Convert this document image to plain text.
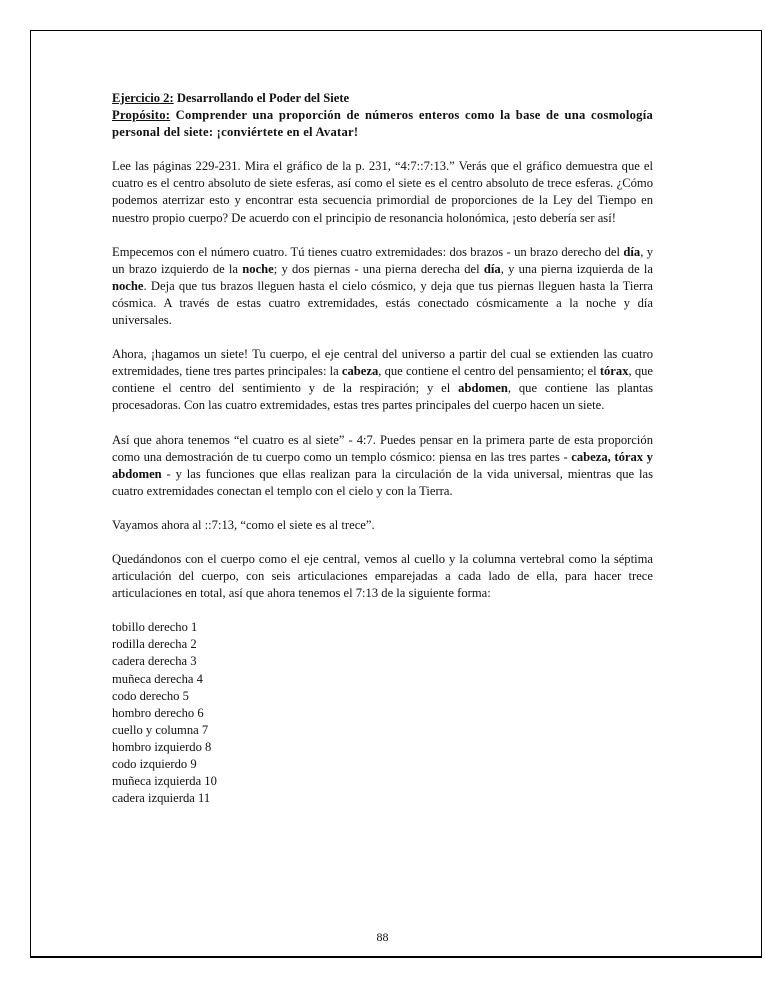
Ejercicio 2: Desarrollando el Poder del Siete
Propósito: Comprender una proporción de números enteros como la base de una cosmología personal del siete: ¡conviértete en el Avatar!

Lee las páginas 229-231. Mira el gráfico de la p. 231, “4:7::7:13.” Verás que el gráfico demuestra que el cuatro es el centro absoluto de siete esferas, así como el siete es el centro absoluto de trece esferas. ¿Cómo podemos aterrizar esto y encontrar esta secuencia primordial de proporciones de la Ley del Tiempo en nuestro propio cuerpo? De acuerdo con el principio de resonancia holonómica, ¡esto debería ser así!

Empecemos con el número cuatro. Tú tienes cuatro extremidades: dos brazos - un brazo derecho del día, y un brazo izquierdo de la noche; y dos piernas - una pierna derecha del día, y una pierna izquierda de la noche. Deja que tus brazos lleguen hasta el cielo cósmico, y deja que tus piernas lleguen hasta la Tierra cósmica. A través de estas cuatro extremidades, estás conectado cósmicamente a la noche y día universales.

Ahora, ¡hagamos un siete! Tu cuerpo, el eje central del universo a partir del cual se extienden las cuatro extremidades, tiene tres partes principales: la cabeza, que contiene el centro del pensamiento; el tórax, que contiene el centro del sentimiento y de la respiración; y el abdomen, que contiene las plantas procesadoras. Con las cuatro extremidades, estas tres partes principales del cuerpo hacen un siete.

Así que ahora tenemos “el cuatro es al siete” - 4:7. Puedes pensar en la primera parte de esta proporción como una demostración de tu cuerpo como un templo cósmico: piensa en las tres partes - cabeza, tórax y abdomen - y las funciones que ellas realizan para la circulación de la vida universal, mientras que las cuatro extremidades conectan el templo con el cielo y con la Tierra.

Vayamos ahora al ::7:13, “como el siete es al trece”.

Quedándonos con el cuerpo como el eje central, vemos al cuello y la columna vertebral como la séptima articulación del cuerpo, con seis articulaciones emparejadas a cada lado de ella, para hacer trece articulaciones en total, así que ahora tenemos el 7:13 de la siguiente forma:

tobillo derecho 1
rodilla derecha 2
cadera derecha 3
muñeca derecha 4
codo derecho 5
hombro derecho 6
cuello y columna 7
hombro izquierdo 8
codo izquierdo 9
muñeca izquierda 10
cadera izquierda 11
88
